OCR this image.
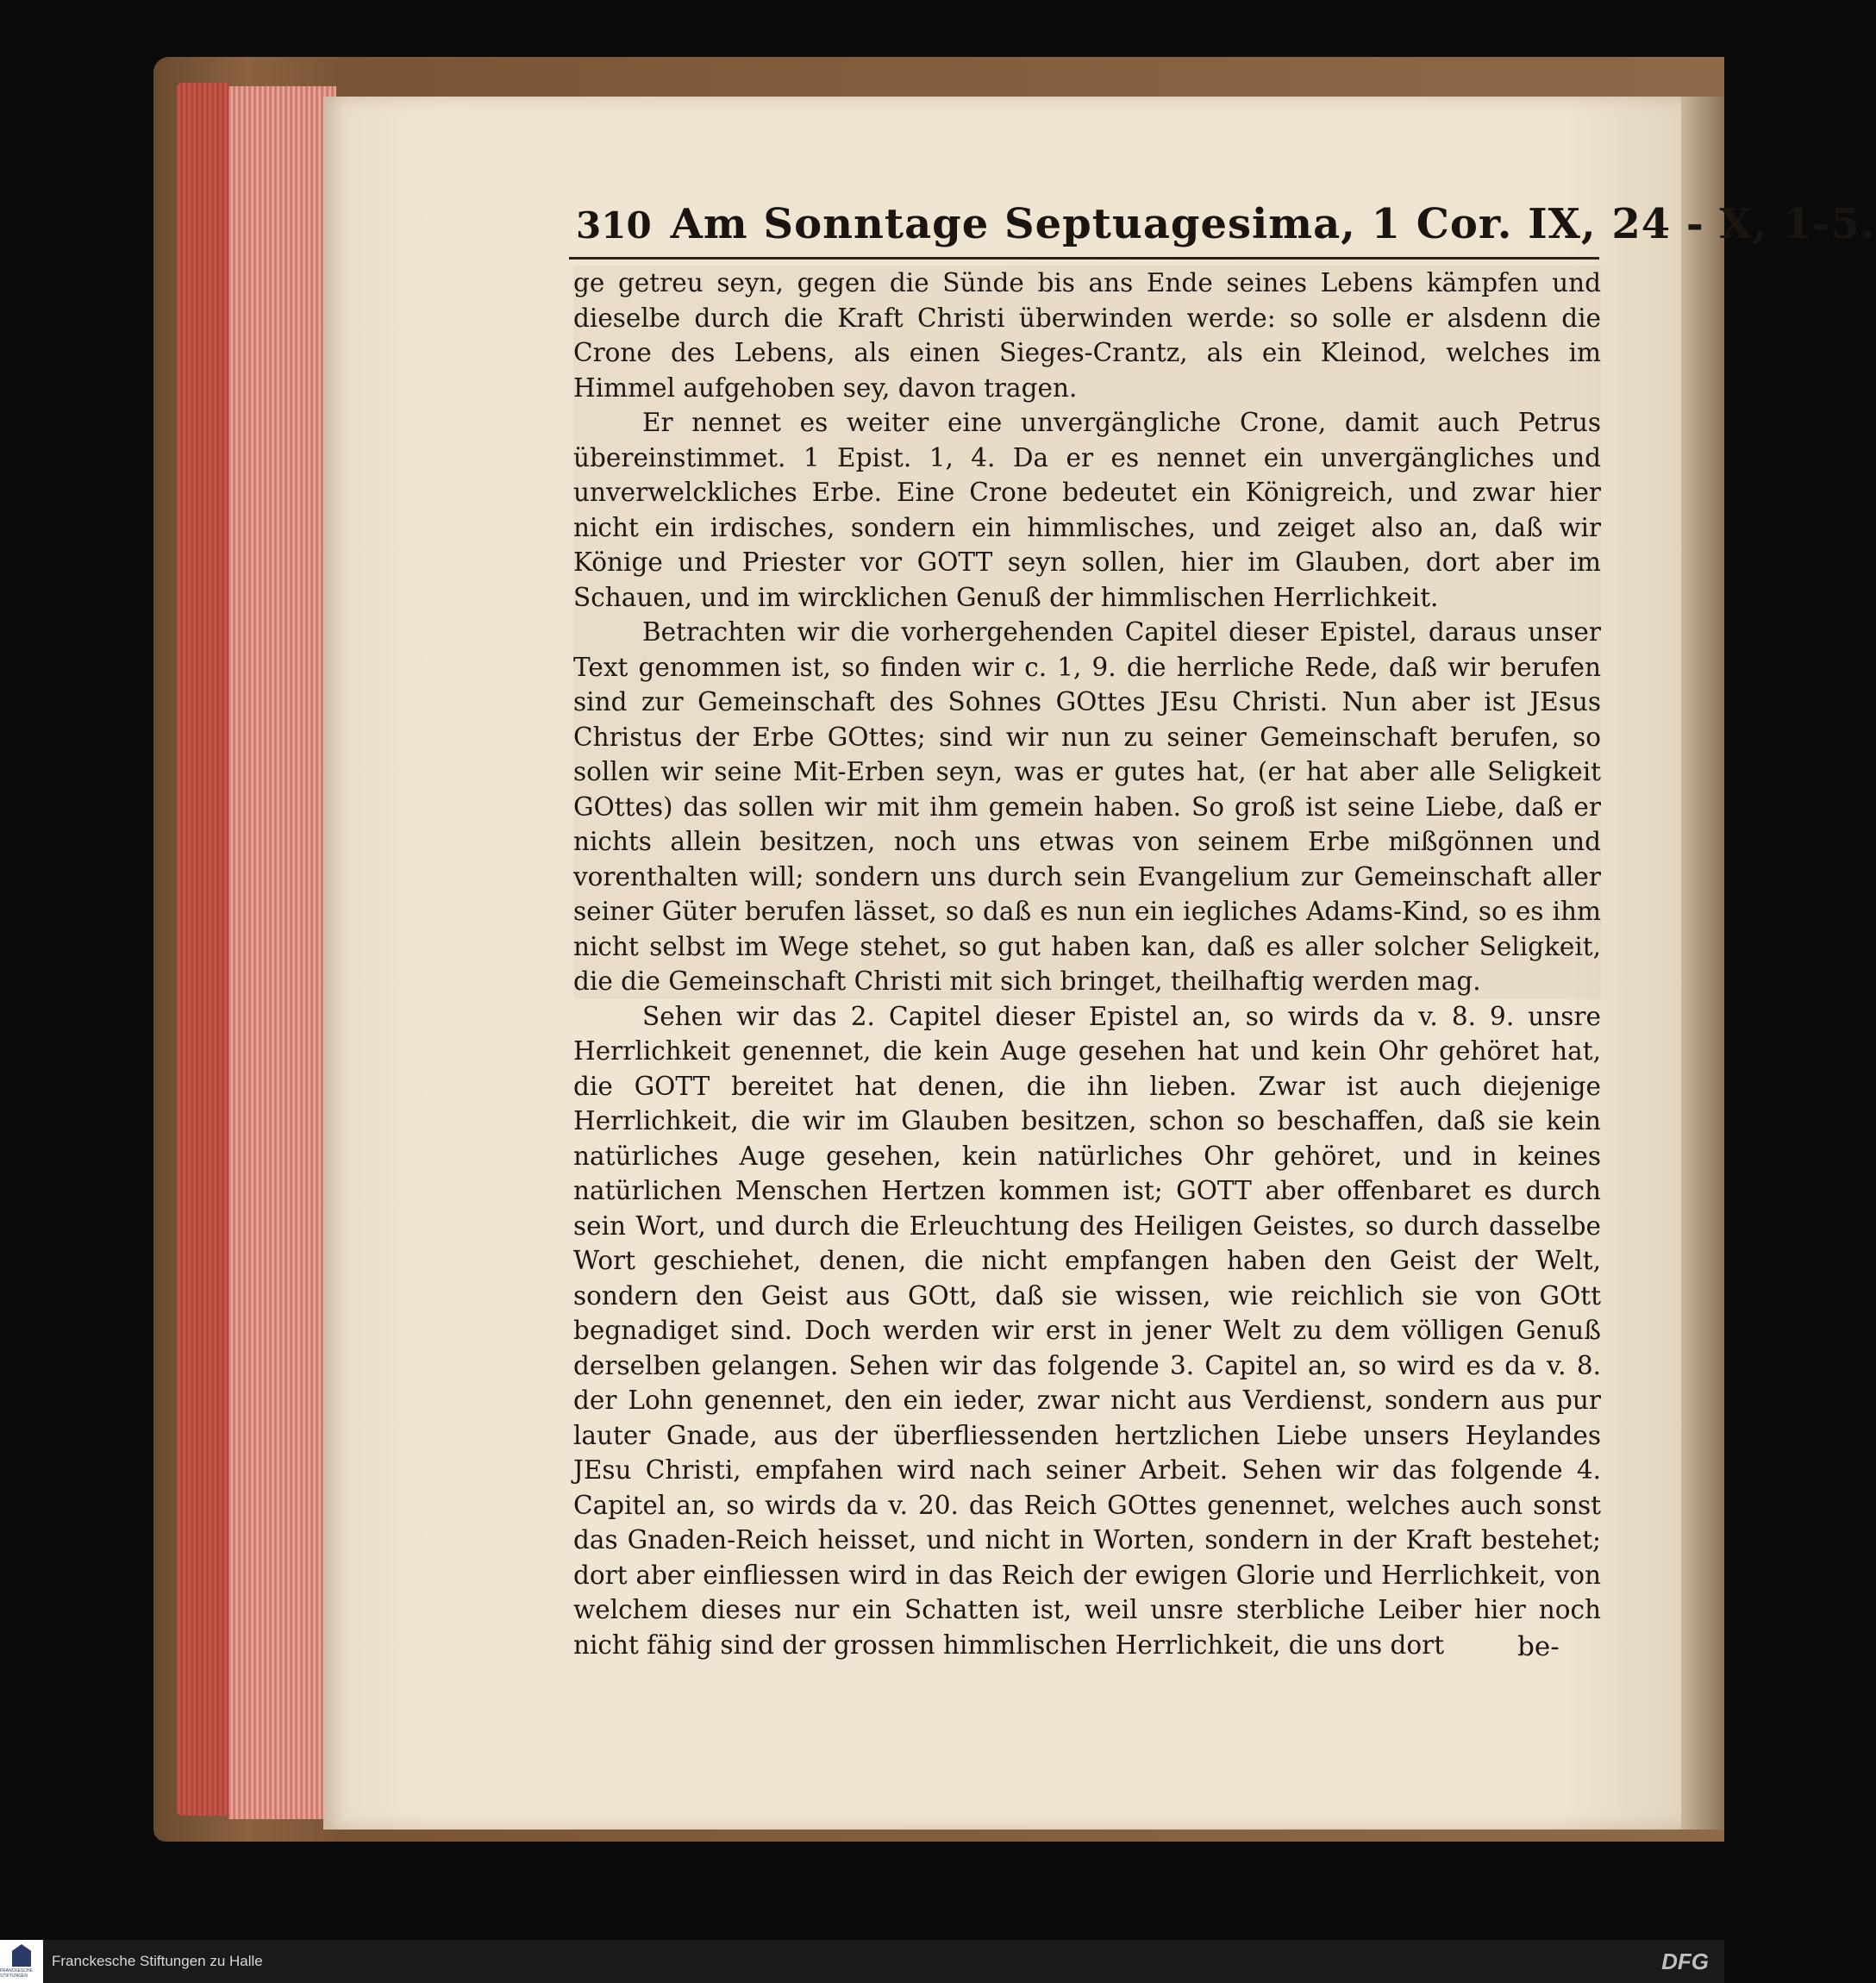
310 Am Sonntage Septuagesima, 1 Cor. IX, 24 - X, 1-5.

ge getreu seyn, gegen die Sünde bis ans Ende seines Lebens kämpfen und dieselbe durch die Kraft Christi überwinden werde: so solle er alsdenn die Crone des Lebens, als einen Sieges-Crantz, als ein Kleinod, welches im Himmel aufgehoben sey, davon tragen.

Er nennet es weiter eine unvergängliche Crone, damit auch Petrus übereinstimmet. 1 Epist. 1, 4. Da er es nennet ein unvergängliches und unverwelckliches Erbe. Eine Crone bedeutet ein Königreich, und zwar hier nicht ein irdisches, sondern ein himmlisches, und zeiget also an, daß wir Könige und Priester vor GOTT seyn sollen, hier im Glauben, dort aber im Schauen, und im wircklichen Genuß der himmlischen Herrlichkeit.

Betrachten wir die vorhergehenden Capitel dieser Epistel, daraus unser Text genommen ist, so finden wir c. 1, 9. die herrliche Rede, daß wir berufen sind zur Gemeinschaft des Sohnes GOttes JEsu Christi. Nun aber ist JEsus Christus der Erbe GOttes; sind wir nun zu seiner Gemeinschaft berufen, so sollen wir seine Mit-Erben seyn, was er gutes hat, (er hat aber alle Seligkeit GOttes) das sollen wir mit ihm gemein haben. So groß ist seine Liebe, daß er nichts allein besitzen, noch uns etwas von seinem Erbe mißgönnen und vorenthalten will; sondern uns durch sein Evangelium zur Gemeinschaft aller seiner Güter berufen lässet, so daß es nun ein iegliches Adams-Kind, so es ihm nicht selbst im Wege stehet, so gut haben kan, daß es aller solcher Seligkeit, die die Gemeinschaft Christi mit sich bringet, theilhaftig werden mag.

Sehen wir das 2. Capitel dieser Epistel an, so wirds da v. 8. 9. unsre Herrlichkeit genennet, die kein Auge gesehen hat und kein Ohr gehöret hat, die GOTT bereitet hat denen, die ihn lieben. Zwar ist auch diejenige Herrlichkeit, die wir im Glauben besitzen, schon so beschaffen, daß sie kein natürliches Auge gesehen, kein natürliches Ohr gehöret, und in keines natürlichen Menschen Hertzen kommen ist; GOTT aber offenbaret es durch sein Wort, und durch die Erleuchtung des Heiligen Geistes, so durch dasselbe Wort geschiehet, denen, die nicht empfangen haben den Geist der Welt, sondern den Geist aus GOtt, daß sie wissen, wie reichlich sie von GOtt begnadiget sind. Doch werden wir erst in jener Welt zu dem völligen Genuß derselben gelangen. Sehen wir das folgende 3. Capitel an, so wird es da v. 8. der Lohn genennet, den ein ieder, zwar nicht aus Verdienst, sondern aus pur lauter Gnade, aus der überfliessenden hertzlichen Liebe unsers Heylandes JEsu Christi, empfahen wird nach seiner Arbeit. Sehen wir das folgende 4. Capitel an, so wirds da v. 20. das Reich GOttes genennet, welches auch sonst das Gnaden-Reich heisset, und nicht in Worten, sondern in der Kraft bestehet; dort aber einfliessen wird in das Reich der ewigen Glorie und Herrlichkeit, von welchem dieses nur ein Schatten ist, weil unsre sterbliche Leiber hier noch nicht fähig sind der grossen himmlischen Herrlichkeit, die uns dort	be-
FRANCKESCHE STIFTUNGEN
Franckesche Stiftungen zu Halle	DFG
